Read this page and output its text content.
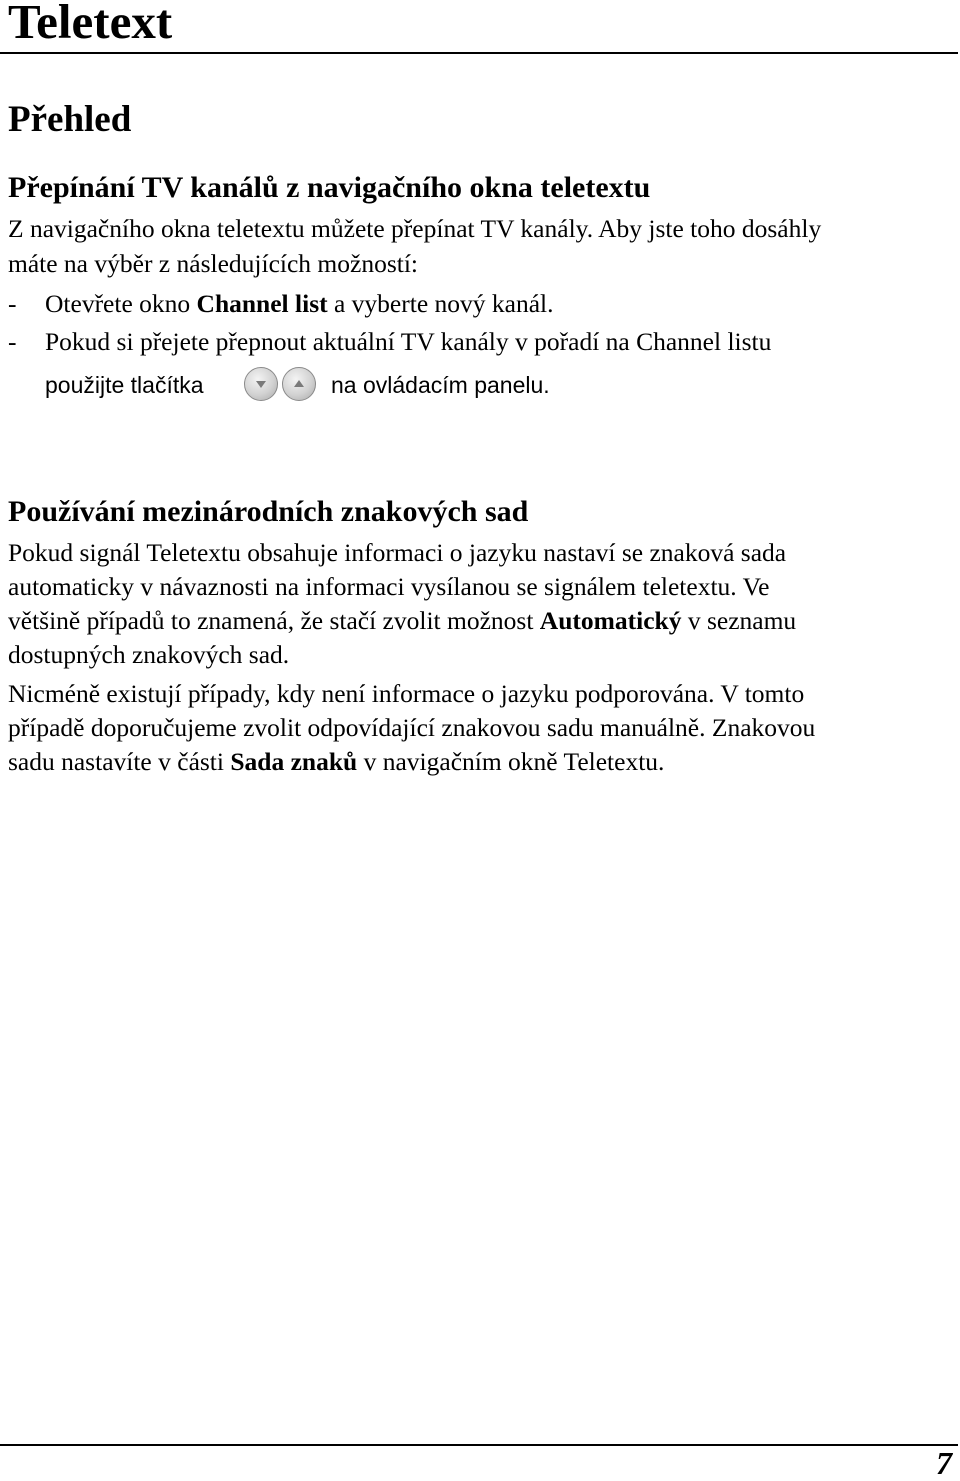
Teletext
Přehled
Přepínání TV kanálů z navigačního okna teletextu

Z navigačního okna teletextu můžete přepínat TV kanály. Aby jste toho dosáhly

máte na výběr z následujících možností:

- Otevřete okno Channel list a vyberte nový kanál.

- Pokud si přejete přepnout aktuální TV kanály v pořadí na Channel listu

použijte tlačítka	na ovládacím panelu.

Používání mezinárodních znakových sad

Pokud signál Teletextu obsahuje informaci o jazyku nastaví se znaková sada

automaticky v návaznosti na informaci vysílanou se signálem teletextu. Ve

většině případů to znamená, že stačí zvolit možnost Automatický v seznamu

dostupných znakových sad.

Nicméně existují případy, kdy není informace o jazyku podporována. V tomto

případě doporučujeme zvolit odpovídající znakovou sadu manuálně. Znakovou

sadu nastavíte v části Sada znaků v navigačním okně Teletextu.

7
